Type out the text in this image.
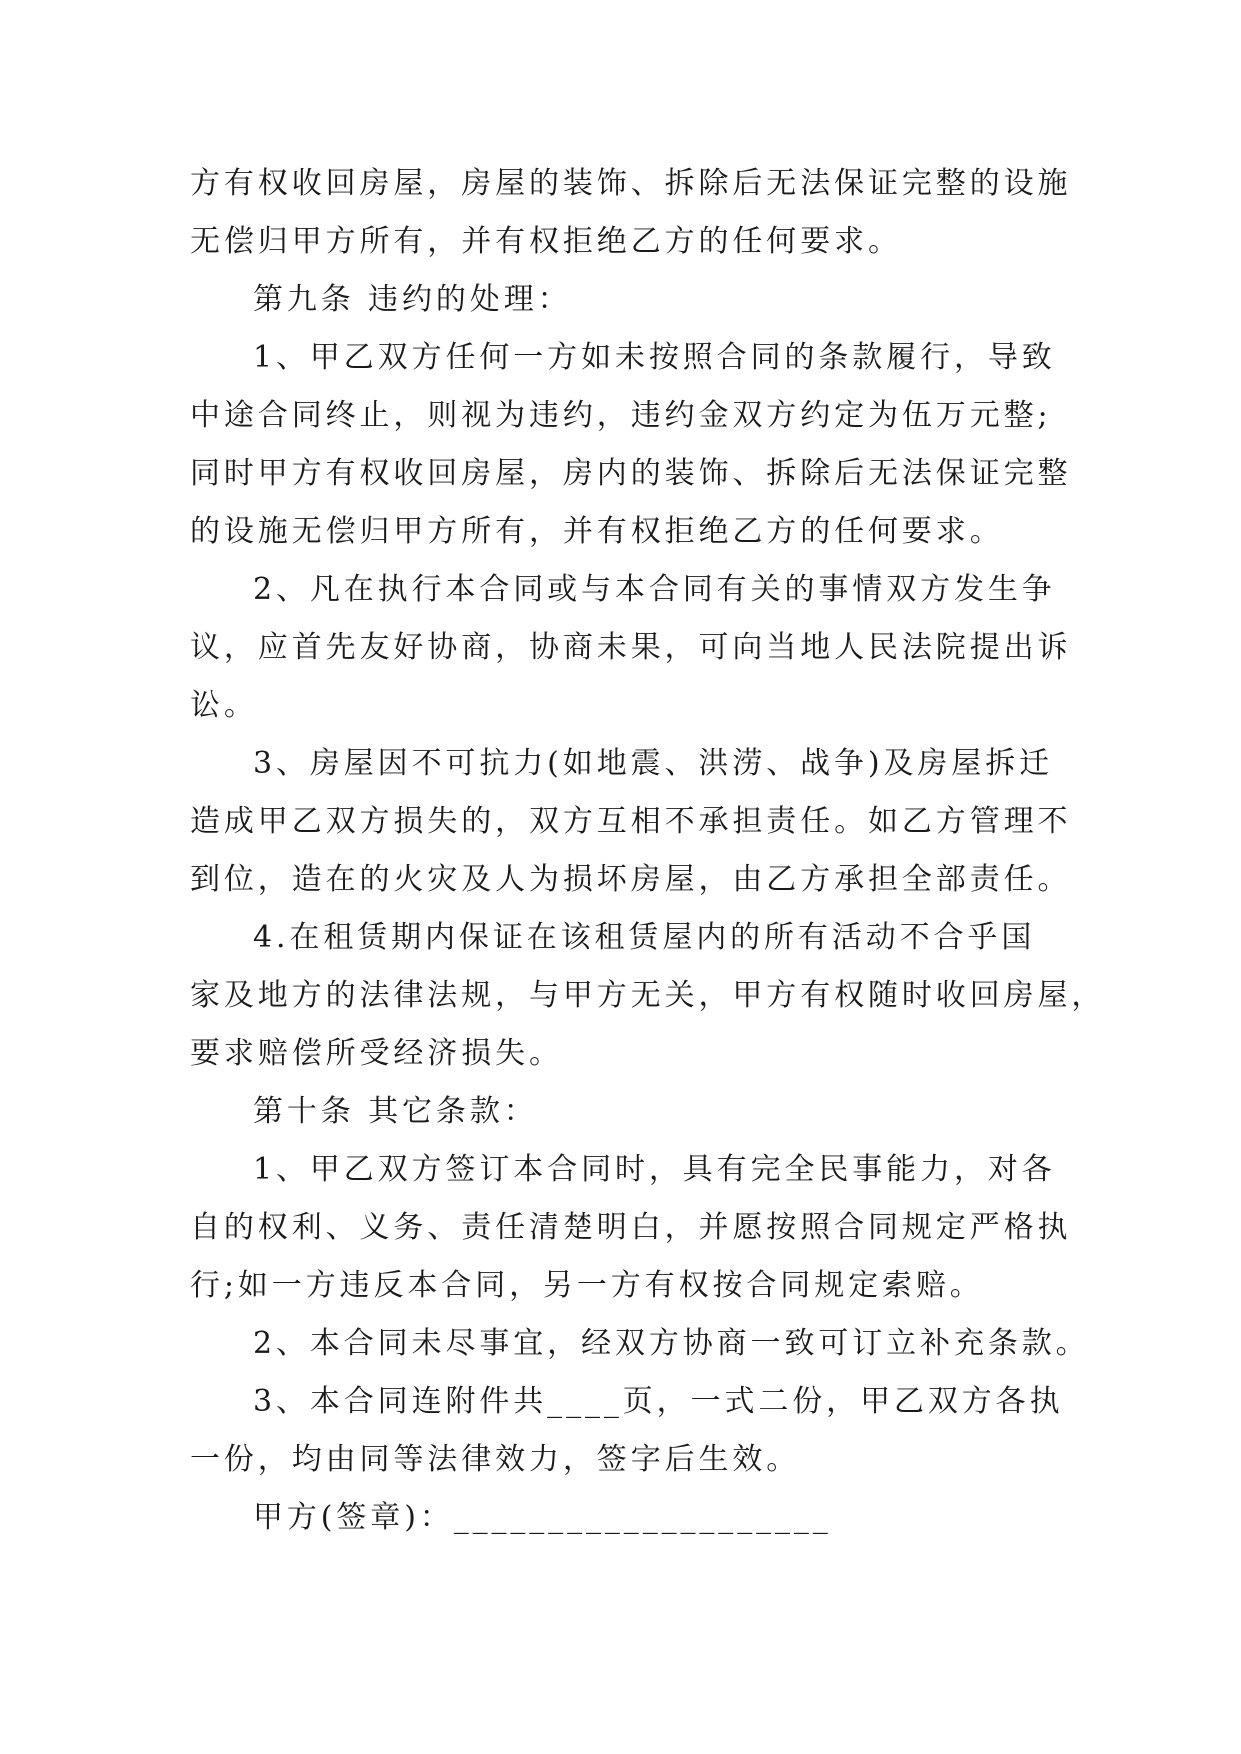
方有权收回房屋，房屋的装饰、拆除后无法保证完整的设施
无偿归甲方所有，并有权拒绝乙方的任何要求。
第九条 违约的处理：
1、甲乙双方任何一方如未按照合同的条款履行，导致
中途合同终止，则视为违约，违约金双方约定为伍万元整;
同时甲方有权收回房屋，房内的装饰、拆除后无法保证完整
的设施无偿归甲方所有，并有权拒绝乙方的任何要求。
2、凡在执行本合同或与本合同有关的事情双方发生争
议，应首先友好协商，协商未果，可向当地人民法院提出诉
讼。
3、房屋因不可抗力(如地震、洪涝、战争)及房屋拆迁
造成甲乙双方损失的，双方互相不承担责任。如乙方管理不
到位，造在的火灾及人为损坏房屋，由乙方承担全部责任。
4.在租赁期内保证在该租赁屋内的所有活动不合乎国
家及地方的法律法规，与甲方无关，甲方有权随时收回房屋，
要求赔偿所受经济损失。
第十条 其它条款：
1、甲乙双方签订本合同时，具有完全民事能力，对各
自的权利、义务、责任清楚明白，并愿按照合同规定严格执
行;如一方违反本合同，另一方有权按合同规定索赔。
2、本合同未尽事宜，经双方协商一致可订立补充条款。
3、本合同连附件共____页，一式二份，甲乙双方各执
一份，均由同等法律效力，签字后生效。
甲方(签章)：____________________
